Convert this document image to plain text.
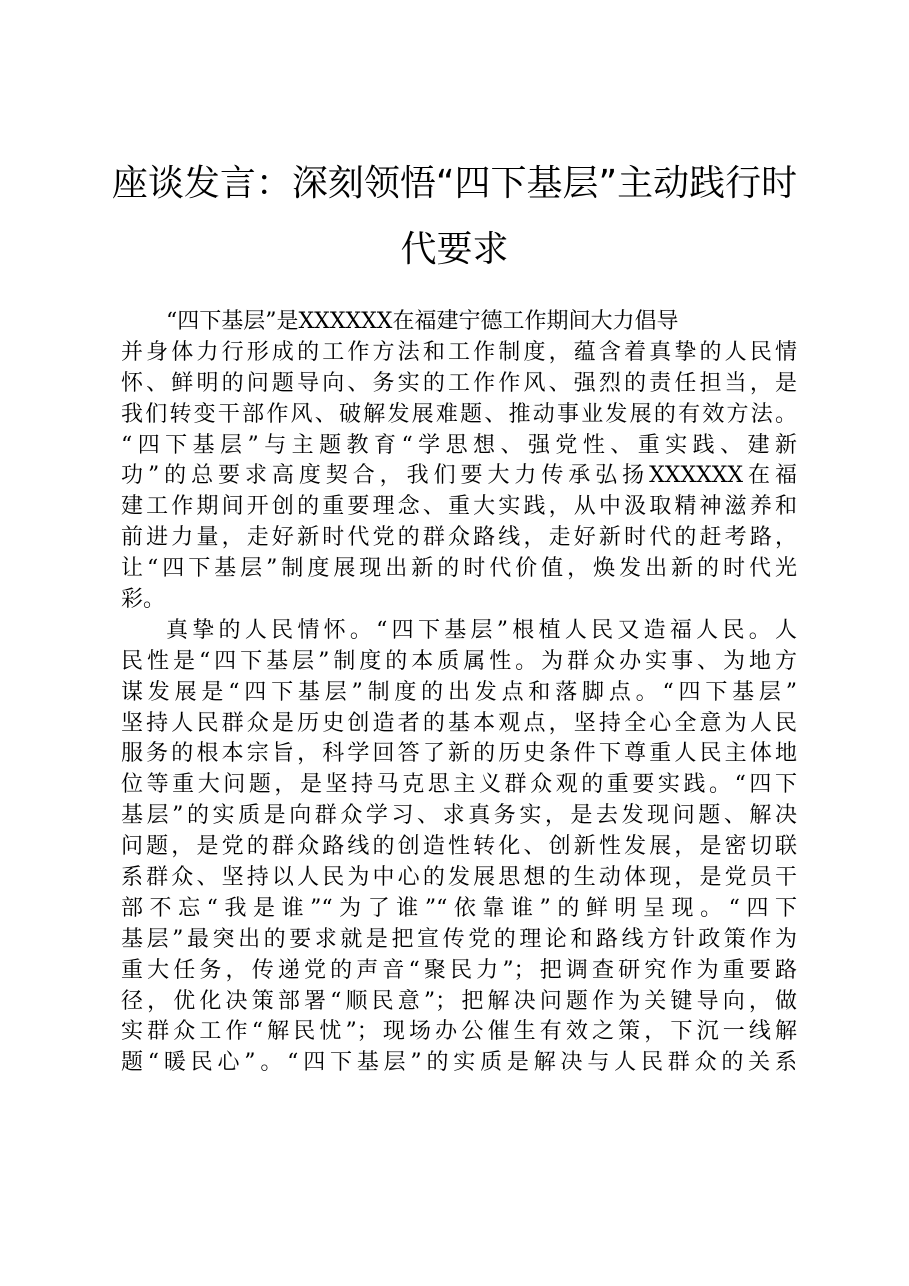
座谈发言：深刻领悟“四下基层”主动践行时
代要求
“四下基层”是XXXXXX在福建宁德工作期间大力倡导
并身体力行形成的工作方法和工作制度，蕴含着真挚的人民情
怀、鲜明的问题导向、务实的工作作风、强烈的责任担当，是
我们转变干部作风、破解发展难题、推动事业发展的有效方法。
“四下基层”与主题教育“学思想、强党性、重实践、建新
功”的总要求高度契合，我们要大力传承弘扬XXXXXX在福
建工作期间开创的重要理念、重大实践，从中汲取精神滋养和
前进力量，走好新时代党的群众路线，走好新时代的赶考路，
让“四下基层”制度展现出新的时代价值，焕发出新的时代光
彩。
真挚的人民情怀。“四下基层”根植人民又造福人民。人
民性是“四下基层”制度的本质属性。为群众办实事、为地方
谋发展是“四下基层”制度的出发点和落脚点。“四下基层”
坚持人民群众是历史创造者的基本观点，坚持全心全意为人民
服务的根本宗旨，科学回答了新的历史条件下尊重人民主体地
位等重大问题，是坚持马克思主义群众观的重要实践。“四下
基层”的实质是向群众学习、求真务实，是去发现问题、解决
问题，是党的群众路线的创造性转化、创新性发展，是密切联
系群众、坚持以人民为中心的发展思想的生动体现，是党员干
部不忘“我是谁”“为了谁”“依靠谁”的鲜明呈现。“四下
基层”最突出的要求就是把宣传党的理论和路线方针政策作为
重大任务，传递党的声音“聚民力”；把调查研究作为重要路
径，优化决策部署“顺民意”；把解决问题作为关键导向，做
实群众工作“解民忧”；现场办公催生有效之策，下沉一线解
题“暖民心”。“四下基层”的实质是解决与人民群众的关系
